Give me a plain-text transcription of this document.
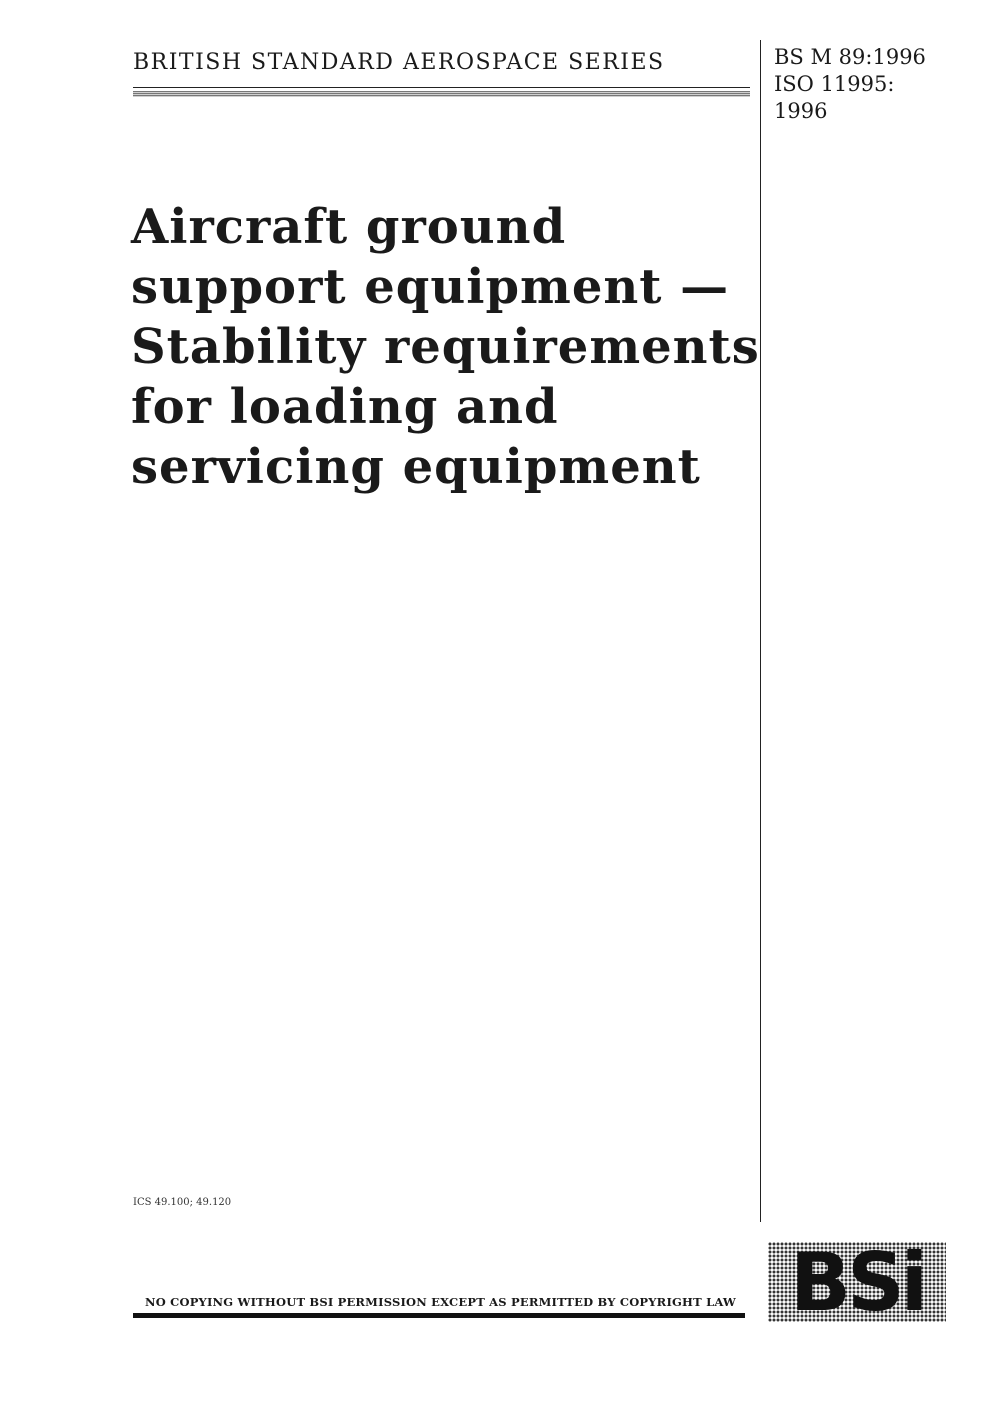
BRITISH STANDARD AEROSPACE SERIES	BS M 89:1996
ISO 11995:
1996
Aircraft ground
support equipment —
Stability requirements
for loading and
servicing equipment
ICS 49.100; 49.120
NO COPYING WITHOUT BSI PERMISSION EXCEPT AS PERMITTED BY COPYRIGHT LAW BSi
